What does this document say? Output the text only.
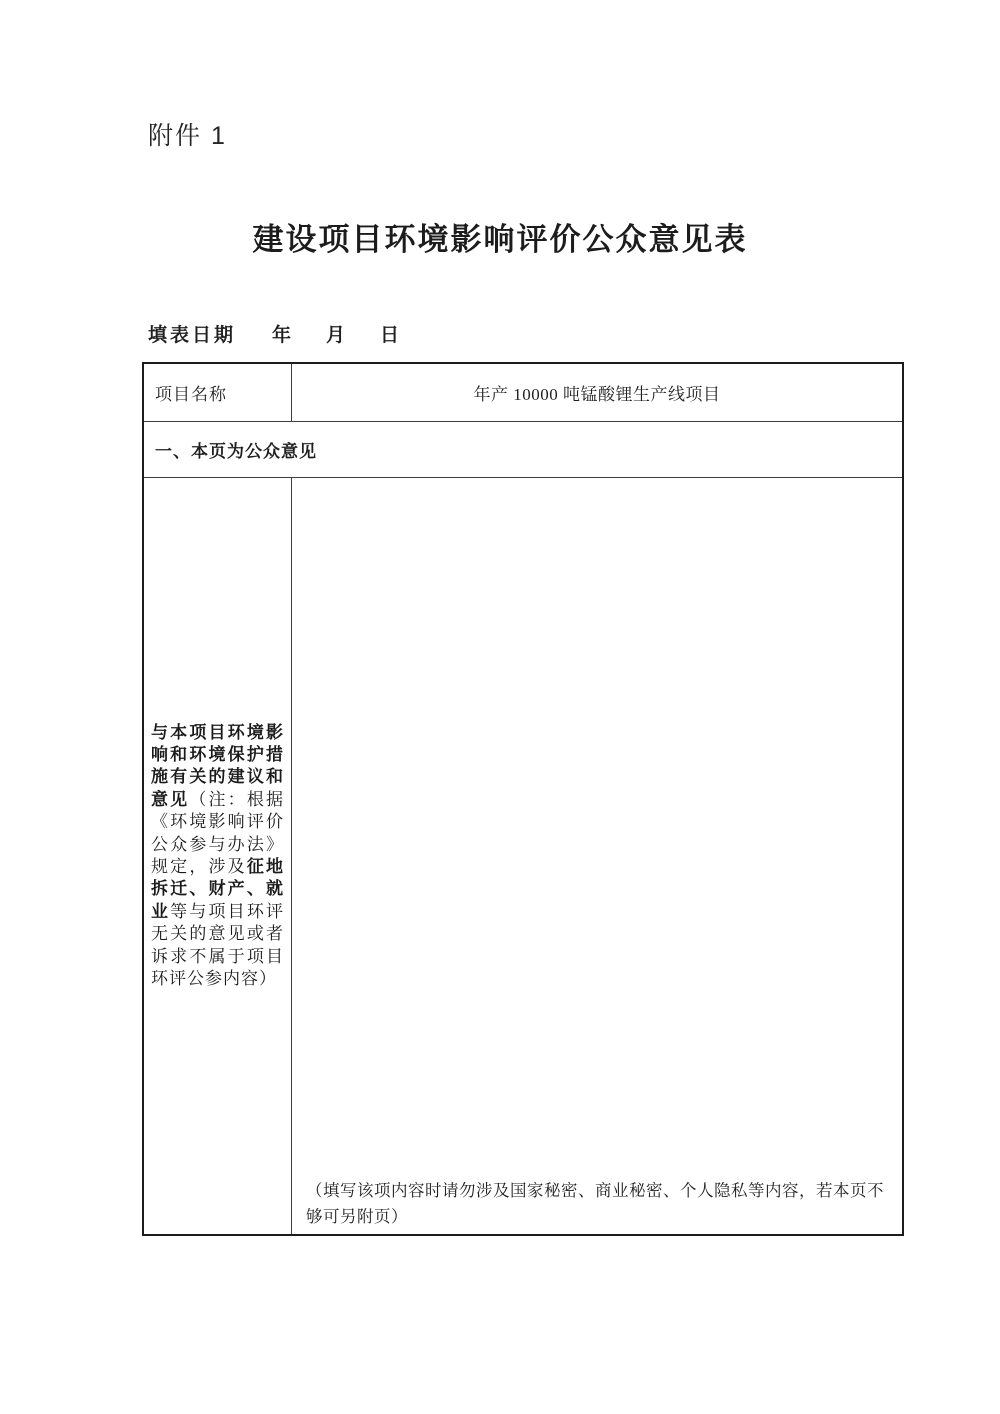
附件 1
建设项目环境影响评价公众意见表
填表日期 年 月 日
项目名称	年产 10000 吨锰酸锂生产线项目
一、本页为公众意见

与本项目环境影响和环境保护措施有关的建议和意见（注：根据《环境影响评价公众参与办法》规定，涉及征地拆迁、财产、就业等与项目环评无关的意见或者诉求不属于项目环评公参内容）

（填写该项内容时请勿涉及国家秘密、商业秘密、个人隐私等内容，若本页不够可另附页）
